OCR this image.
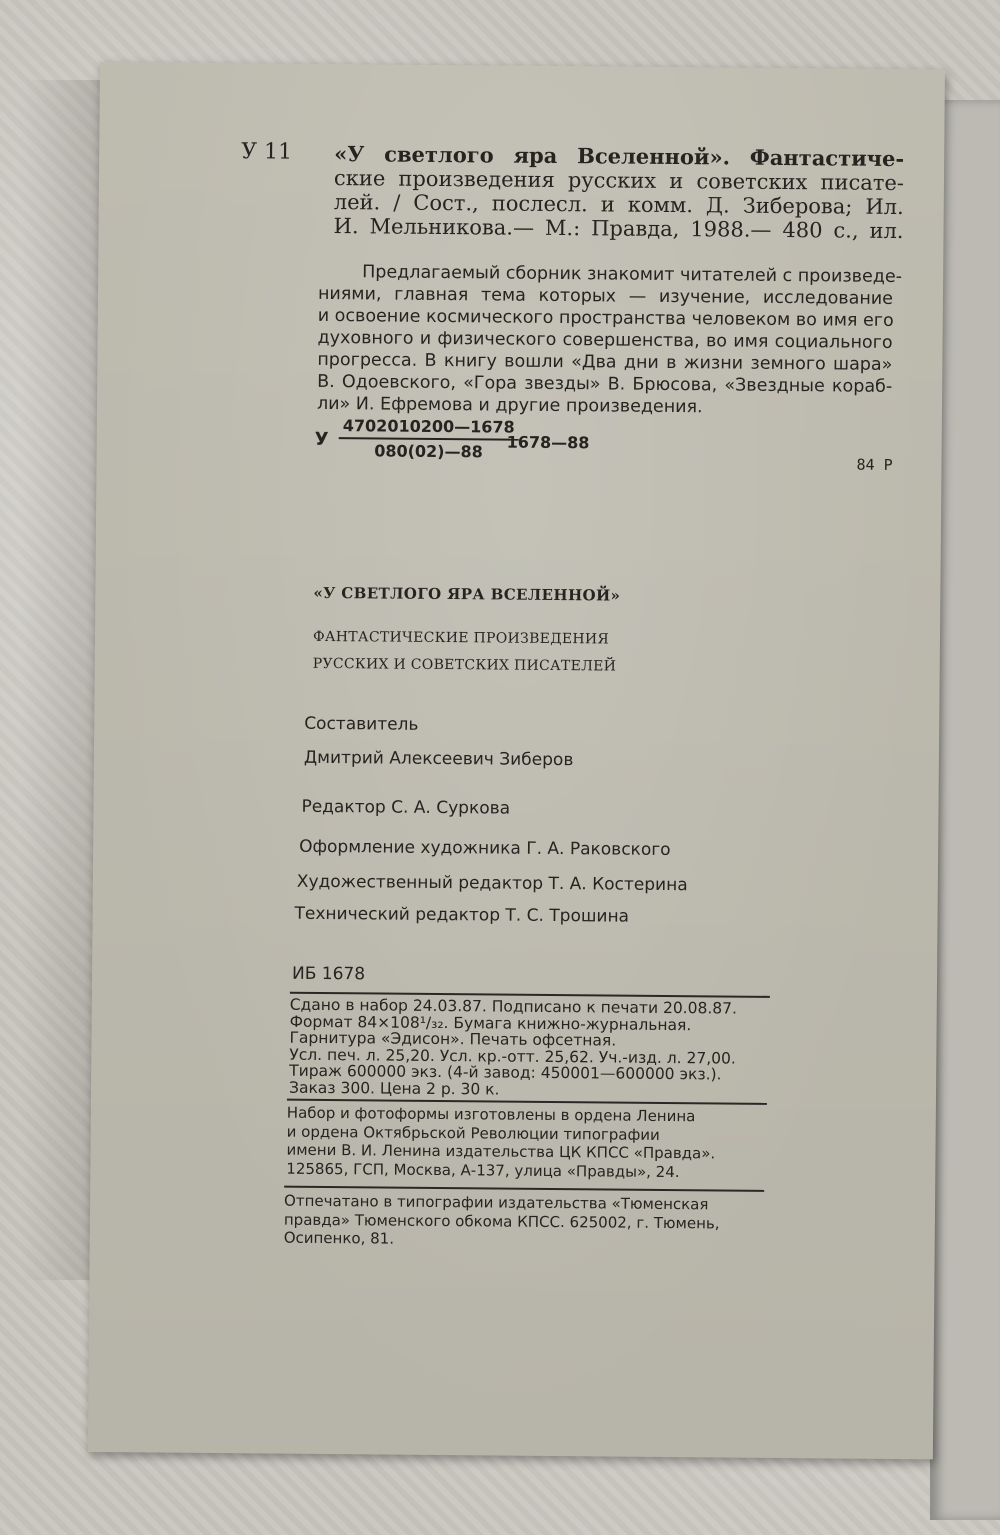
У 11 «У светлого яра Вселенной». Фантастиче-
ские произведения русских и советских писате-
лей. / Сост., послесл. и комм. Д. Зиберова; Ил.
И. Мельникова.— М.: Правда, 1988.— 480 с., ил.
Предлагаемый сборник знакомит читателей с произведе-
ниями, главная тема которых — изучение, исследование
и освоение космического пространства человеком во имя его
духовного и физического совершенства, во имя социального
прогресса. В книгу вошли «Два дни в жизни земного шара»
В. Одоевского, «Гора звезды» В. Брюсова, «Звездные кораб-
ли» И. Ефремова и другие произведения.
У $\frac{4702010200—1678}{080(02)—88}$
1678—88
84 Р
«У СВЕТЛОГО ЯРА ВСЕЛЕННОЙ»
ФАНТАСТИЧЕСКИЕ ПРОИЗВЕДЕНИЯ
РУССКИХ И СОВЕТСКИХ ПИСАТЕЛЕЙ
Составитель
Дмитрий Алексеевич Зиберов
Редактор С. А. Суркова
Оформление художника Г. А. Раковского
Художественный редактор Т. А. Костерина
Технический редактор Т. С. Трошина
ИБ 1678
Сдано в набор 24.03.87. Подписано к печати 20.08.87.
Формат 84×108¹/₃₂. Бумага книжно-журнальная.
Гарнитура «Эдисон». Печать офсетная.
Усл. печ. л. 25,20. Усл. кр.-отт. 25,62. Уч.-изд. л. 27,00.
Тираж 600000 экз. (4-й завод: 450001—600000 экз.).
Заказ 300. Цена 2 р. 30 к.
Набор и фотоформы изготовлены в ордена Ленина
и ордена Октябрьской Революции типографии
имени В. И. Ленина издательства ЦК КПСС «Правда».
125865, ГСП, Москва, А-137, улица «Правды», 24.
Отпечатано в типографии издательства «Тюменская
правда» Тюменского обкома КПСС. 625002, г. Тюмень,
Осипенко, 81.
